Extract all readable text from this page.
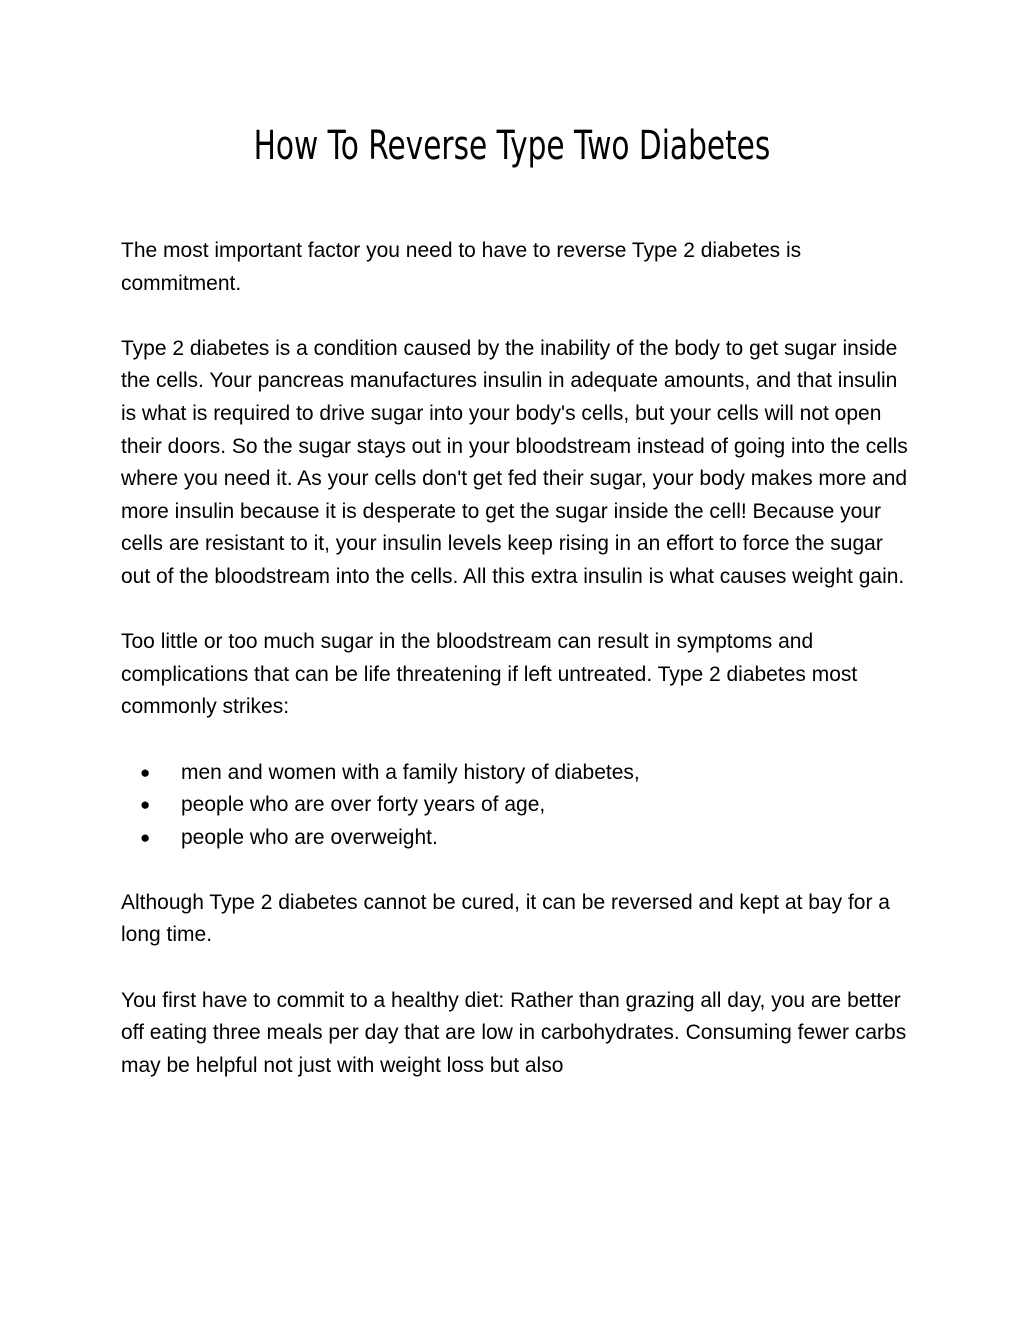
How To Reverse Type Two Diabetes

The most important factor you need to have to reverse Type 2 diabetes is commitment.

Type 2 diabetes is a condition caused by the inability of the body to get sugar inside the cells. Your pancreas manufactures insulin in adequate amounts, and that insulin is what is required to drive sugar into your body's cells, but your cells will not open their doors. So the sugar stays out in your bloodstream instead of going into the cells where you need it. As your cells don't get fed their sugar, your body makes more and more insulin because it is desperate to get the sugar inside the cell! Because your cells are resistant to it, your insulin levels keep rising in an effort to force the sugar out of the bloodstream into the cells. All this extra insulin is what causes weight gain.

Too little or too much sugar in the bloodstream can result in symptoms and complications that can be life threatening if left untreated. Type 2 diabetes most commonly strikes:

● men and women with a family history of diabetes,
● people who are over forty years of age,
● people who are overweight.

Although Type 2 diabetes cannot be cured, it can be reversed and kept at bay for a long time.

You first have to commit to a healthy diet: Rather than grazing all day, you are better off eating three meals per day that are low in carbohydrates. Consuming fewer carbs may be helpful not just with weight loss but also
